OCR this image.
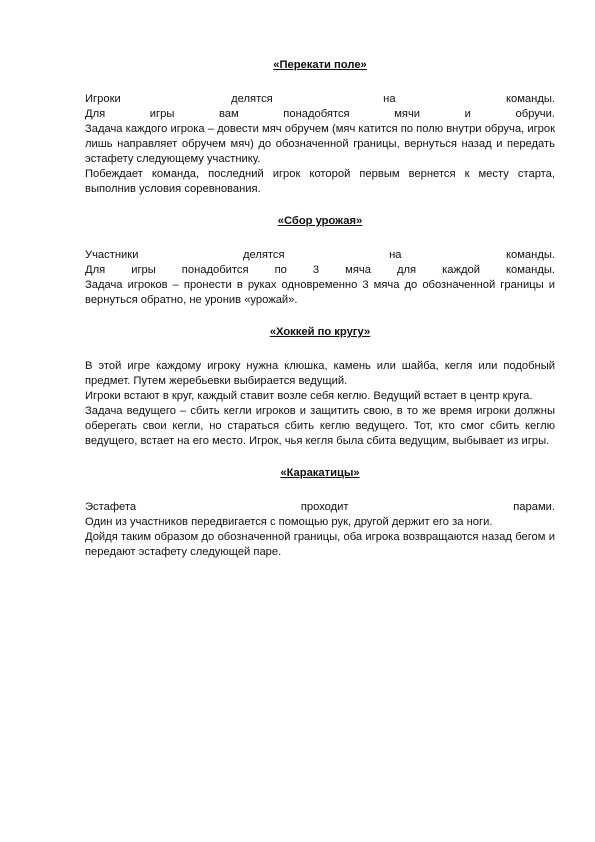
«Перекати поле»

Игроки делятся на команды.

Для игры вам понадобятся мячи и обручи.

Задача каждого игрока – довести мяч обручем (мяч катится по полю внутри обруча, игрок лишь направляет обручем мяч) до обозначенной границы, вернуться назад и передать эстафету следующему участнику.

Побеждает команда, последний игрок которой первым вернется к месту старта, выполнив условия соревнования.

«Сбор урожая»

Участники делятся на команды.

Для игры понадобится по 3 мяча для каждой команды.

Задача игроков – пронести в руках одновременно 3 мяча до обозначенной границы и вернуться обратно, не уронив «урожай».

«Хоккей по кругу»

В этой игре каждому игроку нужна клюшка, камень или шайба, кегля или подобный предмет. Путем жеребьевки выбирается ведущий.

Игроки встают в круг, каждый ставит возле себя кеглю. Ведущий встает в центр круга.

Задача ведущего – сбить кегли игроков и защитить свою, в то же время игроки должны оберегать свои кегли, но стараться сбить кеглю ведущего. Тот, кто смог сбить кеглю ведущего, встает на его место. Игрок, чья кегля была сбита ведущим, выбывает из игры.

«Каракатицы»

Эстафета проходит парами.

Один из участников передвигается с помощью рук, другой держит его за ноги.

Дойдя таким образом до обозначенной границы, оба игрока возвращаются назад бегом и передают эстафету следующей паре.
